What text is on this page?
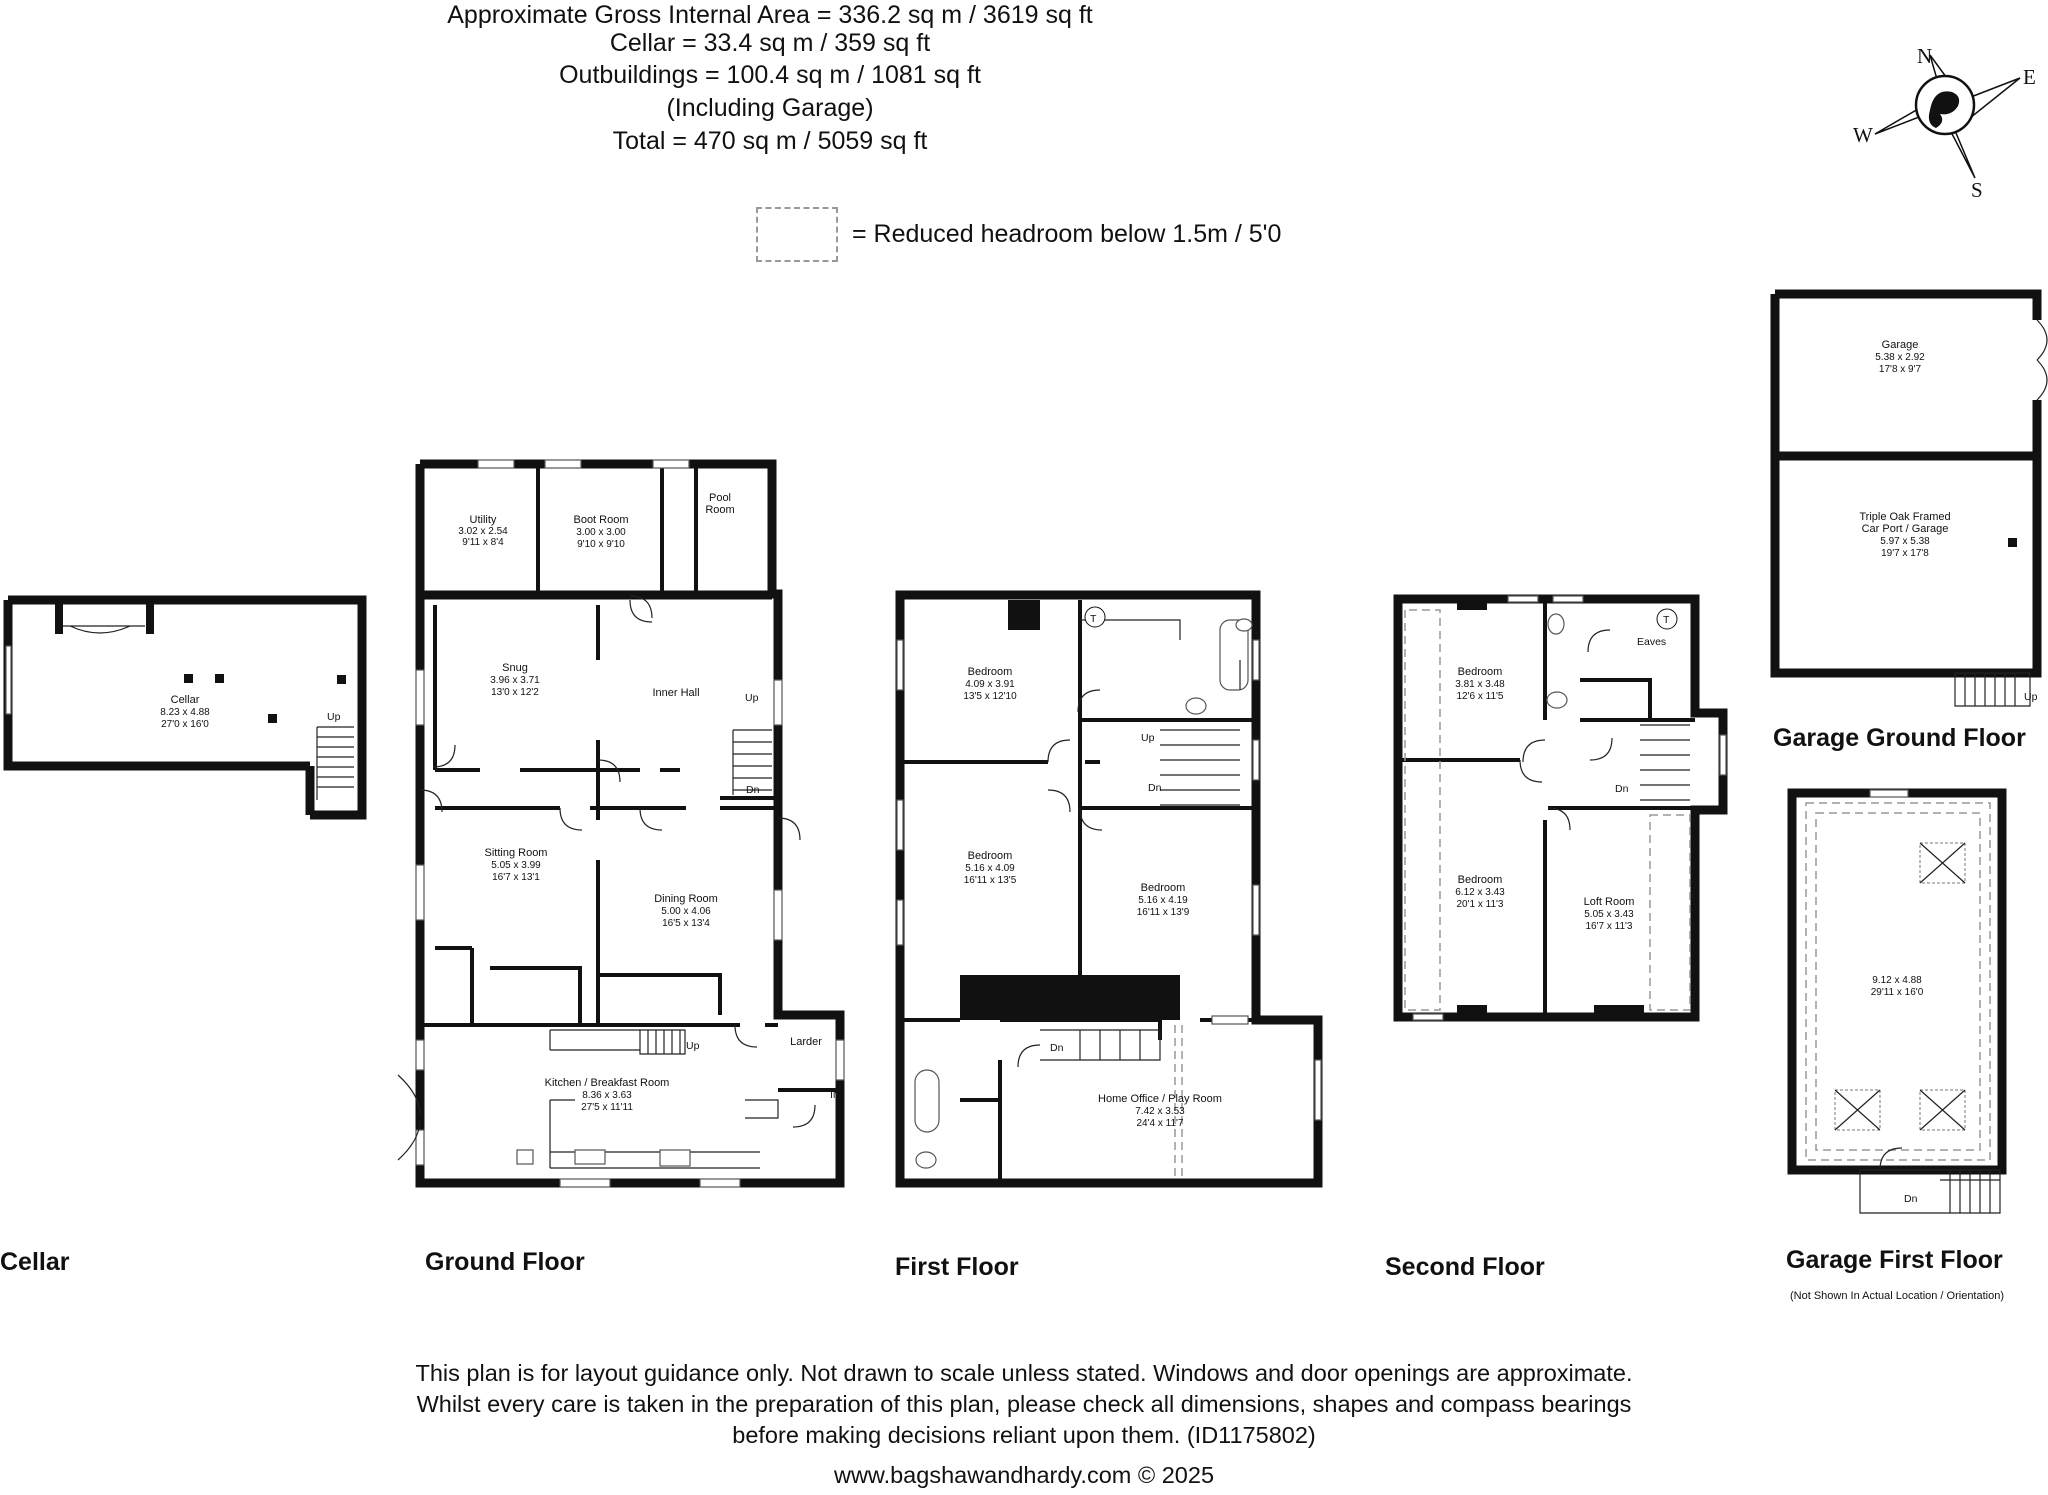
Approximate Gross Internal Area = 336.2 sq m / 3619 sq ft
Cellar = 33.4 sq m / 359 sq ft
Outbuildings = 100.4 sq m / 1081 sq ft
(Including Garage)
Total = 470 sq m / 5059 sq ft
= Reduced headroom below 1.5m / 5'0
N
E
S
W
Up
Cellar
8.23 x 4.88
27'0 x 16'0
IN
Up
Dn
Up
Utility
3.02 x 2.54
9'11 x 8'4
Boot Room
3.00 x 3.00
9'10 x 9'10
Pool
Room
Snug
3.96 x 3.71
13'0 x 12'2	Inner Hall
Sitting Room
5.05 x 3.99
16'7 x 13'1
Dining Room
5.00 x 4.06
16'5 x 13'4
Kitchen / Breakfast Room
8.36 x 3.63
27'5 x 11'11
Larder
T
Up
Dn
Dn
Bedroom
4.09 x 3.91
13'5 x 12'10
Bedroom
5.16 x 4.09
16'11 x 13'5
Bedroom
5.16 x 4.19
16'11 x 13'9
Home Office / Play Room
7.42 x 3.53
24'4 x 11'7
T
Eaves
Dn
Bedroom
3.81 x 3.48
12'6 x 11'5
Bedroom
6.12 x 3.43
20'1 x 11'3	Loft Room
5.05 x 3.43
16'7 x 11'3
Up
Garage
5.38 x 2.92
17'8 x 9'7
Triple Oak Framed
Car Port / Garage
5.97 x 5.38
19'7 x 17'8
Dn
9.12 x 4.88
29'11 x 16'0
Cellar	Ground Floor	First Floor	Second Floor
Garage Ground Floor
Garage First Floor
(Not Shown In Actual Location / Orientation)
This plan is for layout guidance only. Not drawn to scale unless stated. Windows and door openings are approximate.
Whilst every care is taken in the preparation of this plan, please check all dimensions, shapes and compass bearings
before making decisions reliant upon them. (ID1175802)
www.bagshawandhardy.com © 2025
